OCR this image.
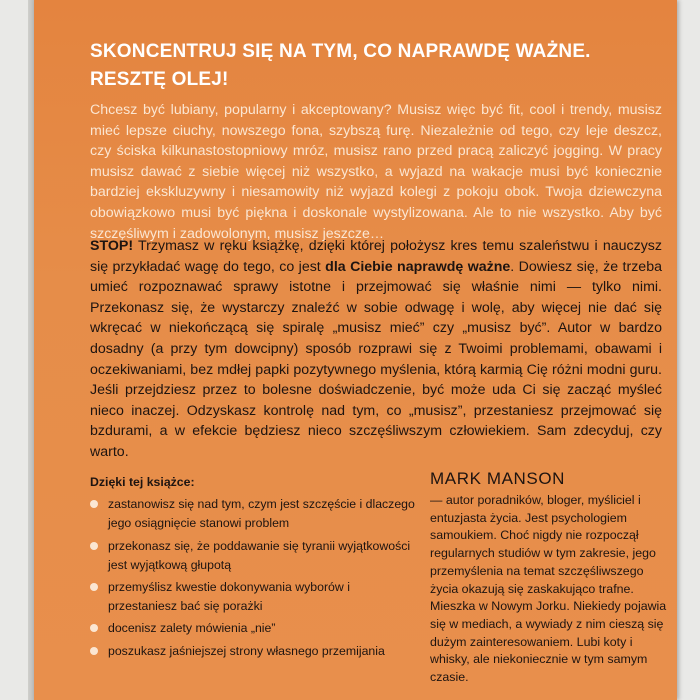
SKONCENTRUJ SIĘ NA TYM, CO NAPRAWDĘ WAŻNE.
RESZTĘ OLEJ!

Chcesz być lubiany, popularny i akceptowany? Musisz więc być fit, cool i trendy, musisz mieć lepsze ciuchy, nowszego fona, szybszą furę. Niezależnie od tego, czy leje deszcz, czy ściska kilkunastostopniowy mróz, musisz rano przed pracą zaliczyć jogging. W pracy musisz dawać z siebie więcej niż wszystko, a wyjazd na wakacje musi być koniecznie bardziej ekskluzywny i niesamowity niż wyjazd kolegi z pokoju obok. Twoja dziewczyna obowiązkowo musi być piękna i doskonale wystylizowana. Ale to nie wszystko. Aby być szczęśliwym i zadowolonym, musisz jeszcze…

STOP! Trzymasz w ręku książkę, dzięki której położysz kres temu szaleństwu i nauczysz się przykładać wagę do tego, co jest dla Ciebie naprawdę ważne. Dowiesz się, że trzeba umieć rozpoznawać sprawy istotne i przejmować się właśnie nimi — tylko nimi. Przekonasz się, że wystarczy znaleźć w sobie odwagę i wolę, aby więcej nie dać się wkręcać w niekończącą się spiralę „musisz mieć” czy „musisz być”. Autor w bardzo dosadny (a przy tym dowcipny) sposób rozprawi się z Twoimi problemami, obawami i oczekiwaniami, bez mdłej papki pozytywnego myślenia, którą karmią Cię różni modni guru. Jeśli przejdziesz przez to bolesne doświadczenie, być może uda Ci się zacząć myśleć nieco inaczej. Odzyskasz kontrolę nad tym, co „musisz”, przestaniesz przejmować się bzdurami, a w efekcie będziesz nieco szczęśliwszym człowiekiem. Sam zdecyduj, czy warto.

Dzięki tej książce:
zastanowisz się nad tym, czym jest szczęście i dlaczego jego osiągnięcie stanowi problem
przekonasz się, że poddawanie się tyranii wyjątkowości jest wyjątkową głupotą
przemyślisz kwestie dokonywania wyborów i przestaniesz bać się porażki
docenisz zalety mówienia „nie”
poszukasz jaśniejszej strony własnego przemijania
MARK MANSON
— autor poradników, bloger, myśliciel i entuzjasta życia. Jest psychologiem samoukiem. Choć nigdy nie rozpoczął regularnych studiów w tym zakresie, jego przemyślenia na temat szczęśliwszego życia okazują się zaskakująco trafne. Mieszka w Nowym Jorku. Niekiedy pojawia się w mediach, a wywiady z nim cieszą się dużym zainteresowaniem. Lubi koty i whisky, ale niekoniecznie w tym samym czasie.
